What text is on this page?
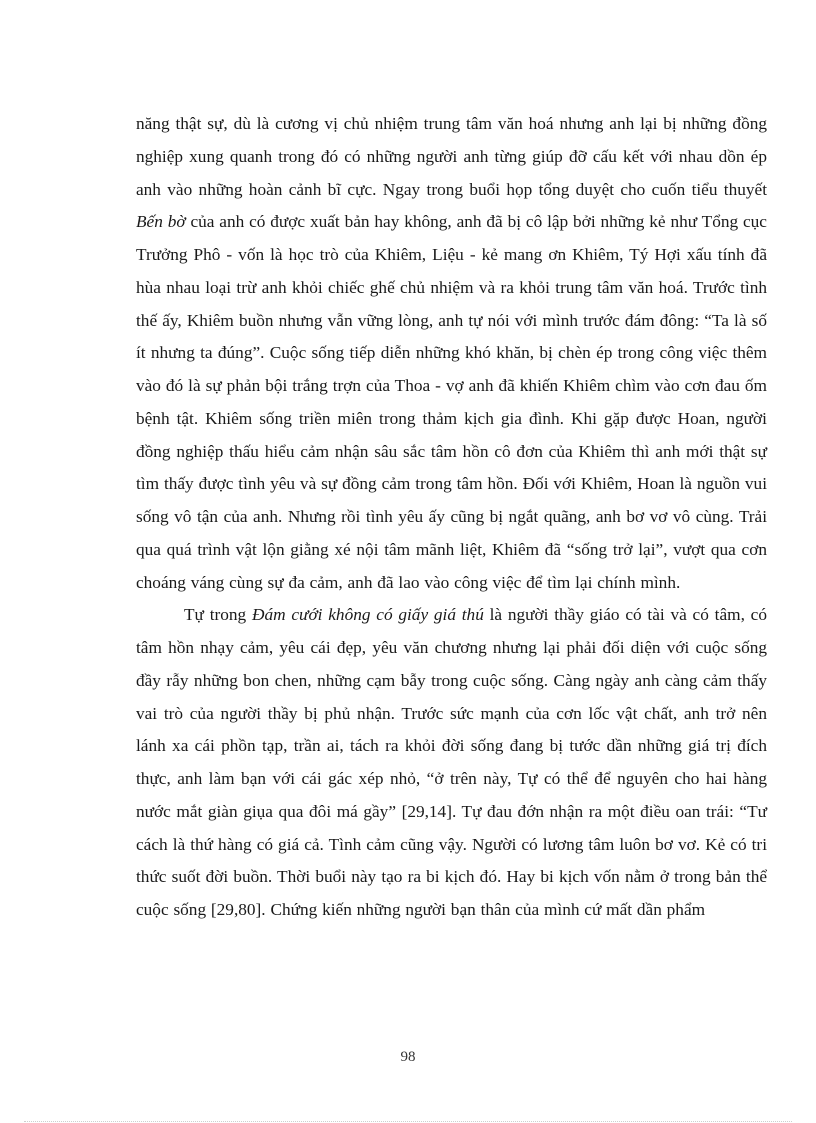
năng thật sự, dù là cương vị chủ nhiệm trung tâm văn hoá nhưng anh lại bị những đồng nghiệp xung quanh trong đó có những người anh từng giúp đỡ cấu kết với nhau dồn ép anh vào những hoàn cảnh bĩ cực. Ngay trong buổi họp tổng duyệt cho cuốn tiểu thuyết Bến bờ của anh có được xuất bản hay không, anh đã bị cô lập bởi những kẻ như Tổng cục Trưởng Phô - vốn là học trò của Khiêm, Liệu - kẻ mang ơn Khiêm, Tý Hợi xấu tính đã hùa nhau loại trừ anh khỏi chiếc ghế chủ nhiệm và ra khỏi trung tâm văn hoá. Trước tình thế ấy, Khiêm buồn nhưng vẫn vững lòng, anh tự nói với mình trước đám đông: “Ta là số ít nhưng ta đúng”. Cuộc sống tiếp diễn những khó khăn, bị chèn ép trong công việc thêm vào đó là sự phản bội trắng trợn của Thoa - vợ anh đã khiến Khiêm chìm vào cơn đau ốm bệnh tật. Khiêm sống triền miên trong thảm kịch gia đình. Khi gặp được Hoan, người đồng nghiệp thấu hiểu cảm nhận sâu sắc tâm hồn cô đơn của Khiêm thì anh mới thật sự tìm thấy được tình yêu và sự đồng cảm trong tâm hồn. Đối với Khiêm, Hoan là nguồn vui sống vô tận của anh. Nhưng rồi tình yêu ấy cũng bị ngắt quãng, anh bơ vơ vô cùng. Trải qua quá trình vật lộn giằng xé nội tâm mãnh liệt, Khiêm đã “sống trở lại”, vượt qua cơn choáng váng cùng sự đa cảm, anh đã lao vào công việc để tìm lại chính mình.

Tự trong Đám cưới không có giấy giá thú là người thầy giáo có tài và có tâm, có tâm hồn nhạy cảm, yêu cái đẹp, yêu văn chương nhưng lại phải đối diện với cuộc sống đầy rẫy những bon chen, những cạm bẫy trong cuộc sống. Càng ngày anh càng cảm thấy vai trò của người thầy bị phủ nhận. Trước sức mạnh của cơn lốc vật chất, anh trở nên lánh xa cái phồn tạp, trần ai, tách ra khỏi đời sống đang bị tước dần những giá trị đích thực, anh làm bạn với cái gác xép nhỏ, “ở trên này, Tự có thể để nguyên cho hai hàng nước mắt giàn giụa qua đôi má gầy” [29,14]. Tự đau đớn nhận ra một điều oan trái: “Tư cách là thứ hàng có giá cả. Tình cảm cũng vậy. Người có lương tâm luôn bơ vơ. Kẻ có tri thức suốt đời buồn. Thời buổi này tạo ra bi kịch đó. Hay bi kịch vốn nằm ở trong bản thể cuộc sống [29,80]. Chứng kiến những người bạn thân của mình cứ mất dần phẩm

98
